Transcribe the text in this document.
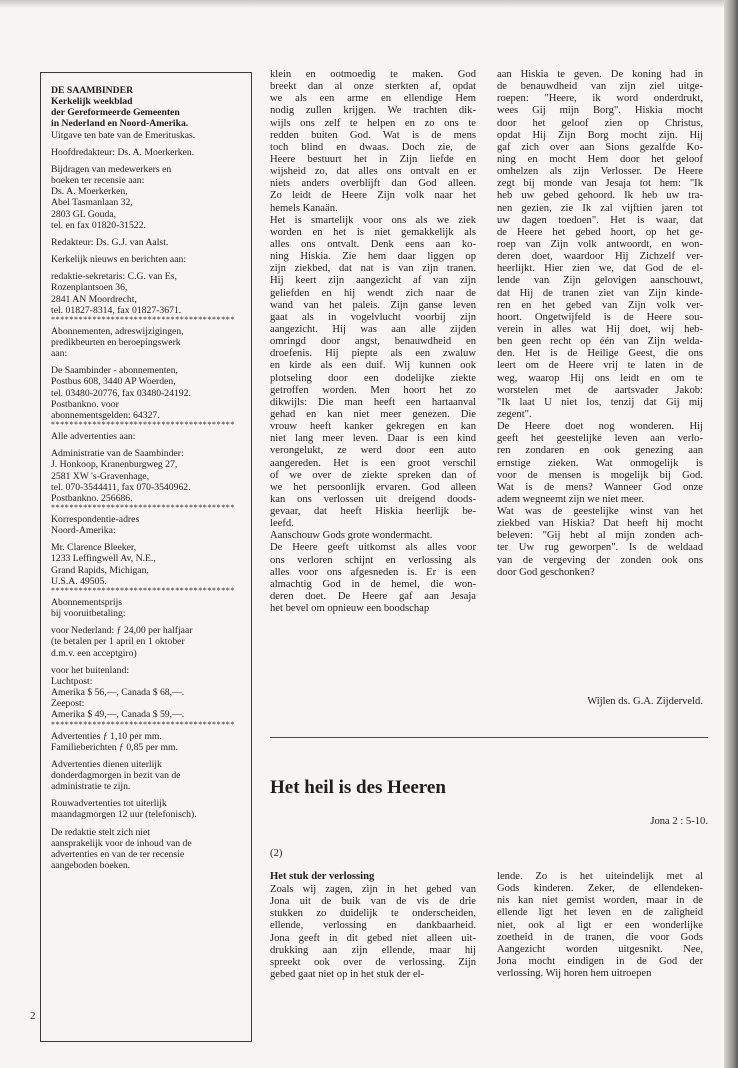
DE SAAMBINDER
Kerkelijk weekblad
der Gereformeerde Gemeenten
in Nederland en Noord-Amerika.
Uitgave ten bate van de Emerituskas.
Hoofdredakteur: Ds. A. Moerkerken.
Bijdragen van medewerkers en
boeken ter recensie aan:
Ds. A. Moerkerken,
Abel Tasmanlaan 32,
2803 GL Gouda,
tel. en fax 01820-31522.
Redakteur: Ds. G.J. van Aalst.
Kerkelijk nieuws en berichten aan:
redaktie-sekretaris: C.G. van Es,
Rozenplantsoen 36,
2841 AN Moordrecht,
tel. 01827-8314, fax 01827-3671.
****************************************
Abonnementen, adreswijzigingen,
predikbeurten en beroepingswerk
aan:
De Saambinder - abonnementen,
Postbus 608, 3440 AP Woerden,
tel. 03480-20776, fax 03480-24192.
Postbankno. voor
abonnementsgelden: 64327.
****************************************
Alle advertenties aan:
Administratie van de Saambinder:
J. Honkoop, Kranenburgweg 27,
2581 XW 's-Gravenhage,
tel. 070-3544411, fax 070-3540962.
Postbankno. 256686.
****************************************
Korrespondentie-adres
Noord-Amerika:
Mr. Clarence Bleeker,
1233 Leffingwell Av, N.E.,
Grand Rapids, Michigan,
U.S.A. 49505.
****************************************
Abonnementsprijs
bij vooruitbetaling:
voor Nederland: ƒ 24,00 per halfjaar
(te betalen per 1 april en 1 oktober
d.m.v. een acceptgiro)
voor het buitenland:
Luchtpost:
Amerika $ 56,—, Canada $ 68,—.
Zeepost:
Amerika $ 49,—, Canada $ 59,—.
****************************************
Advertenties ƒ 1,10 per mm.
Familieberichten ƒ 0,85 per mm.
Advertenties dienen uiterlijk
donderdagmorgen in bezit van de
administratie te zijn.
Rouwadvertenties tot uiterlijk
maandagmorgen 12 uur (telefonisch).
De redaktie stelt zich niet
aansprakelijk voor de inhoud van de
advertenties en van de ter recensie
aangeboden boeken.
klein en ootmoedig te maken. God
breekt dan al onze sterkten af, opdat
we als een arme en ellendige Hem
nodig zullen krijgen. We trachten dik-
wijls ons zelf te helpen en zo ons te
redden buiten God. Wat is de mens
toch blind en dwaas. Doch zie, de
Heere bestuurt het in Zijn liefde en
wijsheid zo, dat alles ons ontvalt en er
niets anders overblijft dan God alleen.
Zo leidt de Heere Zijn volk naar het
hemels Kanaän.
Het is smartelijk voor ons als we ziek
worden en het is niet gemakkelijk als
alles ons ontvalt. Denk eens aan ko-
ning Hiskia. Zie hem daar liggen op
zijn ziekbed, dat nat is van zijn tranen.
Hij keert zijn aangezicht af van zijn
geliefden en hij wendt zich naar de
wand van het paleis. Zijn ganse leven
gaat als in vogelvlucht voorbij zijn
aangezicht. Hij was aan alle zijden
omringd door angst, benauwdheid en
droefenis. Hij piepte als een zwaluw
en kirde als een duif. Wij kunnen ook
plotseling door een dodelijke ziekte
getroffen worden. Men hoort het zo
dikwijls: Die man heeft een hartaanval
gehad en kan niet meer genezen. Die
vrouw heeft kanker gekregen en kan
niet lang meer leven. Daar is een kind
verongelukt, ze werd door een auto
aangereden. Het is een groot verschil
of we over de ziekte spreken dan of
we het persoonlijk ervaren. God alleen
kan ons verlossen uit dreigend doods-
gevaar, dat heeft Hiskia heerlijk be-
leefd.
Aanschouw Gods grote wondermacht.
De Heere geeft uitkomst als alles voor
ons verloren schijnt en verlossing als
alles voor ons afgesneden is. Er is een
almachtig God in de hemel, die won-
deren doet. De Heere gaf aan Jesaja
het bevel om opnieuw een boodschap
aan Hiskia te geven. De koning had in
de benauwdheid van zijn ziel uitge-
roepen: "Heere, ik word onderdrukt,
wees Gij mijn Borg". Hiskia mocht
door het geloof zien op Christus,
opdat Hij Zijn Borg mocht zijn. Hij
gaf zich over aan Sions gezalfde Ko-
ning en mocht Hem door het geloof
omhelzen als zijn Verlosser. De Heere
zegt bij monde van Jesaja tot hem: "Ik
heb uw gebed gehoord. Ik heb uw tra-
nen gezien, zie Ik zal vijftien jaren tot
uw dagen toedoen". Het is waar, dat
de Heere het gebed hoort, op het ge-
roep van Zijn volk antwoordt, en won-
deren doet, waardoor Hij Zichzelf ver-
heerlijkt. Hier zien we, dat God de el-
lende van Zijn gelovigen aanschouwt,
dat Hij de tranen ziet van Zijn kinde-
ren en het gebed van Zijn volk ver-
hoort. Ongetwijfeld is de Heere sou-
verein in alles wat Hij doet, wij heb-
ben geen recht op één van Zijn welda-
den. Het is de Heilige Geest, die ons
leert om de Heere vrij te laten in de
weg, waarop Hij ons leidt en om te
worstelen met de aartsvader Jakob:
"Ik laat U niet los, tenzij dat Gij mij
zegent".
De Heere doet nog wonderen. Hij
geeft het geestelijke leven aan verlo-
ren zondaren en ook genezing aan
ernstige zieken. Wat onmogelijk is
voor de mensen is mogelijk bij God.
Wat is de mens? Wanneer God onze
adem wegneemt zijn we niet meer.
Wat was de geestelijke winst van het
ziekbed van Hiskia? Dat heeft hij mocht
beleven: "Gij hebt al mijn zonden ach-
ter Uw rug geworpen". Is de weldaad
van de vergeving der zonden ook ons
door God geschonken?
Wijlen ds. G.A. Zijderveld.
Het heil is des Heeren
Jona 2 : 5-10.
(2)
Het stuk der verlossing
Zoals wij zagen, zijn in het gebed van
Jona uit de buik van de vis de drie
stukken zo duidelijk te onderscheiden,
ellende, verlossing en dankbaarheid.
Jona geeft in dit gebed niet alleen uit-
drukking aan zijn ellende, maar hij
spreekt ook over de verlossing. Zijn
gebed gaat niet op in het stuk der el-
lende. Zo is het uiteindelijk met al
Gods kinderen. Zeker, de ellendeken-
nis kan niet gemist worden, maar in de
ellende ligt het leven en de zaligheid
niet, ook al ligt er een wonderlijke
zoetheid in de tranen, die voor Gods
Aangezicht worden uitgesnikt. Nee,
Jona mocht eindigen in de God der
verlossing. Wij horen hem uitroepen
2
